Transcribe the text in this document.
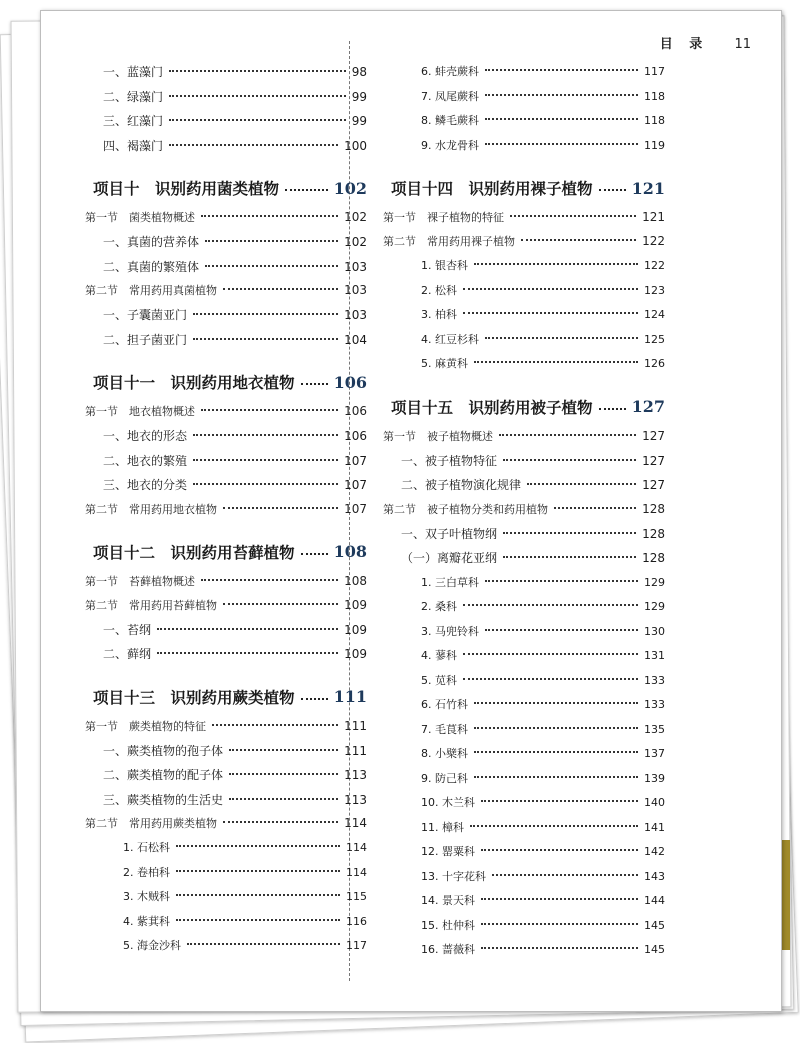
目 录 11
一、蓝藻门	98
二、绿藻门	99
三、红藻门	99
四、褐藻门	100
项目十　识别药用菌类植物	102
第一节　菌类植物概述	102
一、真菌的营养体	102
二、真菌的繁殖体	103
第二节　常用药用真菌植物	103
一、子囊菌亚门	103
二、担子菌亚门	104
项目十一　识别药用地衣植物 106
第一节　地衣植物概述	106
一、地衣的形态	106
二、地衣的繁殖	107
三、地衣的分类	107
第二节　常用药用地衣植物	107
项目十二　识别药用苔藓植物 108
第一节　苔藓植物概述	108
第二节　常用药用苔藓植物	109
一、苔纲	109
二、藓纲	109
项目十三　识别药用蕨类植物 111
第一节　蕨类植物的特征	111
一、蕨类植物的孢子体	111
二、蕨类植物的配子体	113
三、蕨类植物的生活史	113
第二节　常用药用蕨类植物	114
1. 石松科	114
2. 卷柏科	114
3. 木贼科	115
4. 紫萁科	116
5. 海金沙科	117
6. 蚌壳蕨科	117
7. 凤尾蕨科	118
8. 鳞毛蕨科	118
9. 水龙骨科	119
项目十四　识别药用裸子植物 121
第一节　裸子植物的特征	121
第二节　常用药用裸子植物	122
1. 银杏科	122
2. 松科	123
3. 柏科	124
4. 红豆杉科	125
5. 麻黄科	126
项目十五　识别药用被子植物 127
第一节　被子植物概述	127
一、被子植物特征	127
二、被子植物演化规律	127
第二节　被子植物分类和药用植物	128
一、双子叶植物纲	128
（一）离瓣花亚纲	128
1. 三白草科	129
2. 桑科	129
3. 马兜铃科	130
4. 蓼科	131
5. 苋科	133
6. 石竹科	133
7. 毛茛科	135
8. 小檗科	137
9. 防己科	139
10. 木兰科	140
11. 樟科	141
12. 罂粟科	142
13. 十字花科	143
14. 景天科	144
15. 杜仲科	145
16. 蔷薇科	145
